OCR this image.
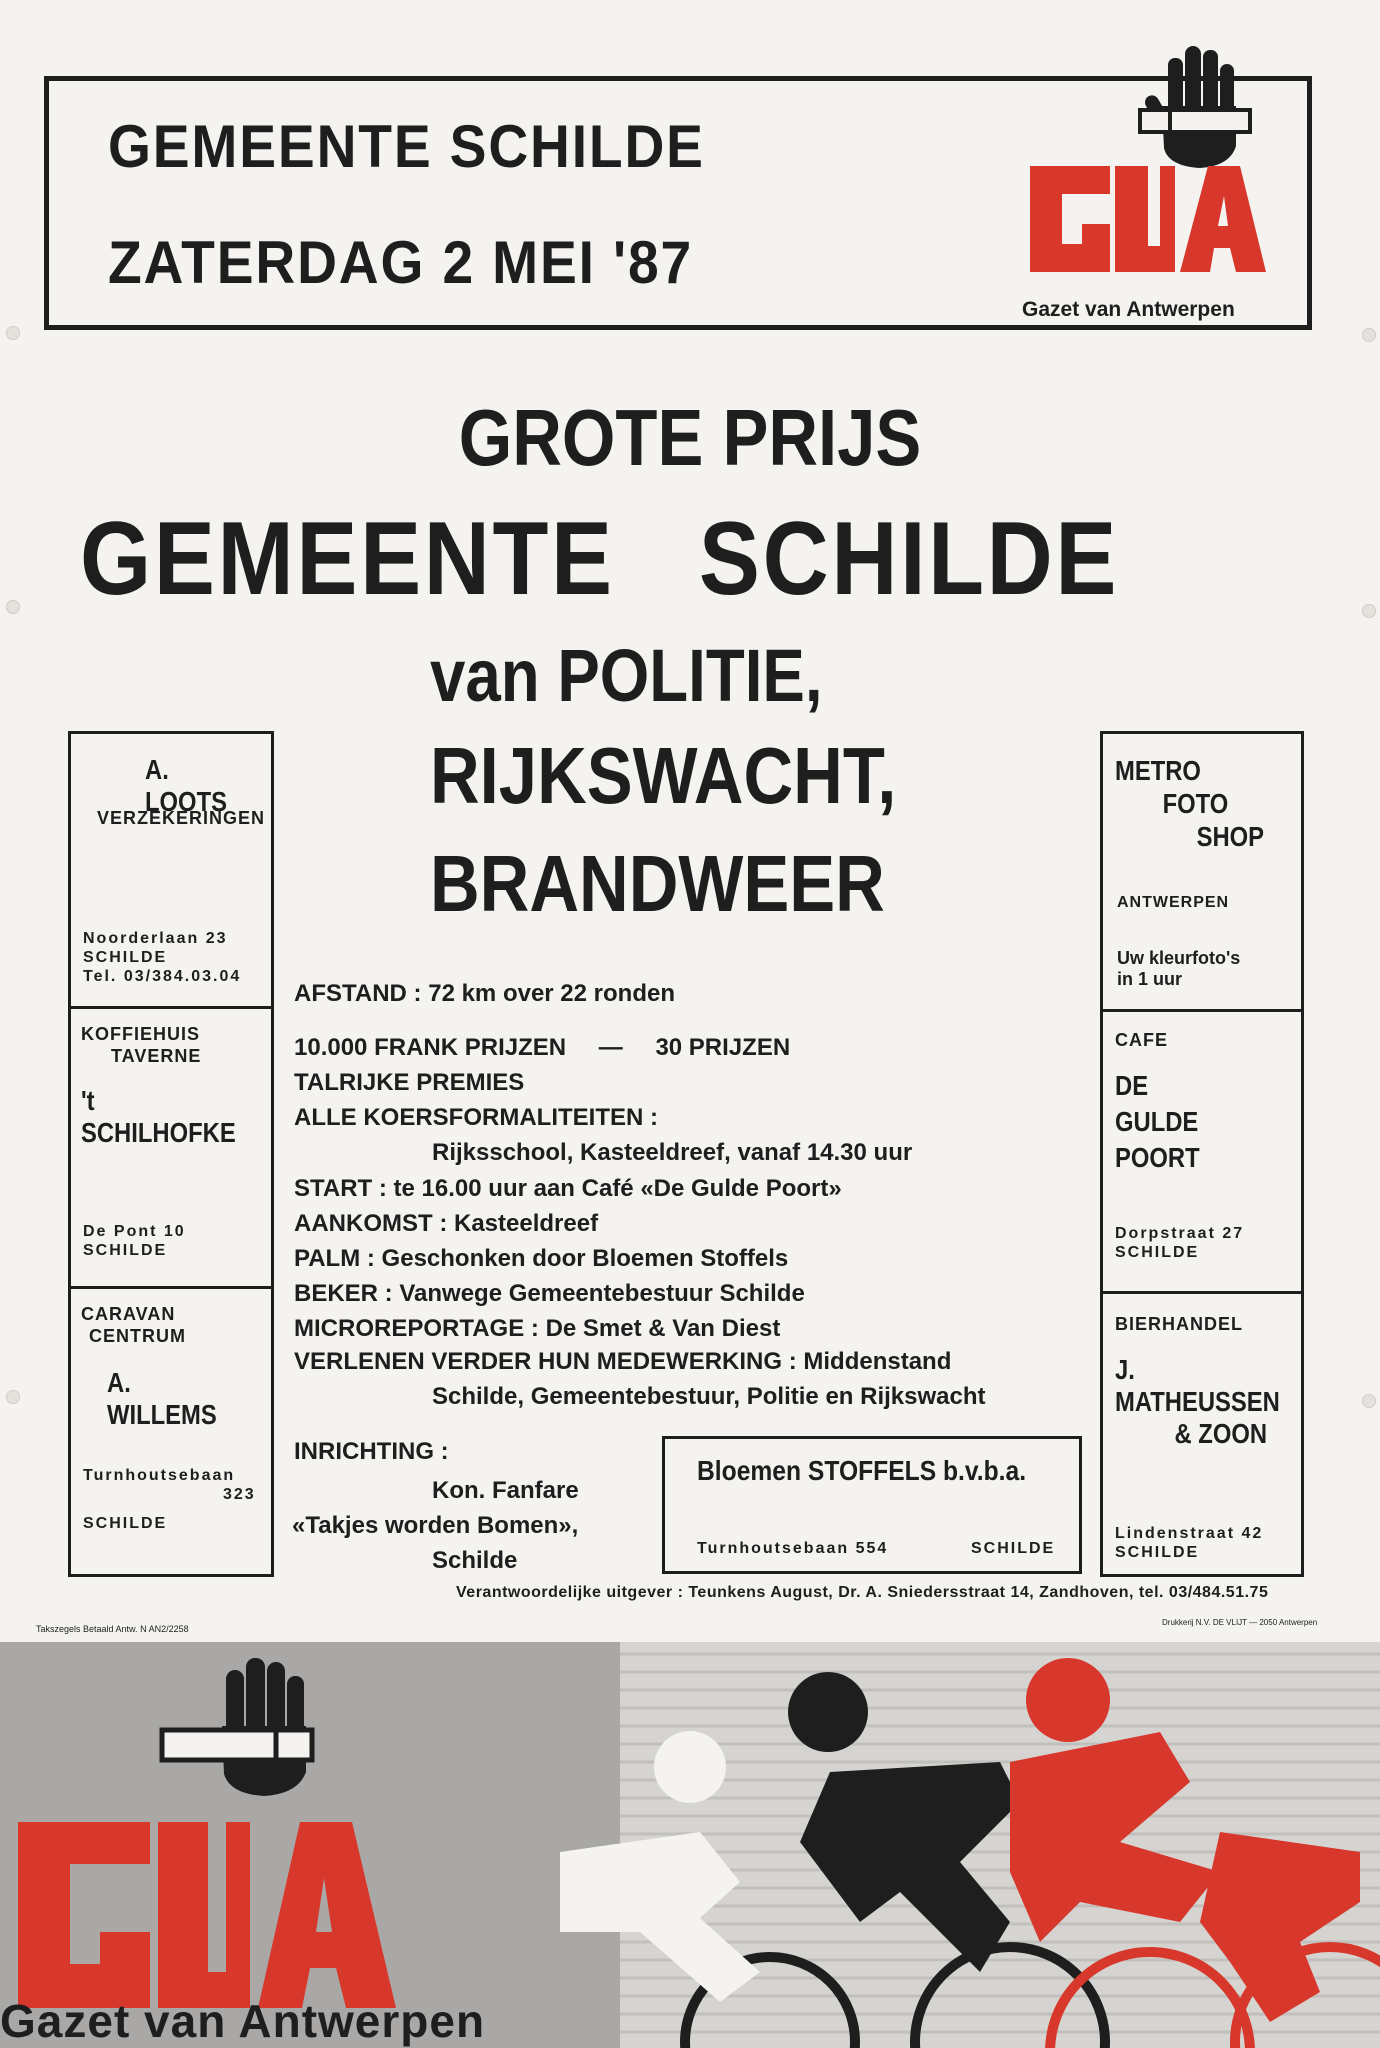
GEMEENTE SCHILDE
ZATERDAG 2 MEI '87
Gazet van Antwerpen
GROTE PRIJS
GEMEENTE   SCHILDE
van POLITIE,
RIJKSWACHT,
BRANDWEER
A. LOOTS
VERZEKERINGEN
Noorderlaan 23
SCHILDE
Tel. 03/384.03.04
KOFFIEHUIS
TAVERNE
't SCHILHOFKE
De Pont 10
SCHILDE
CARAVAN
CENTRUM
A. WILLEMS
Turnhoutsebaan
323
SCHILDE
METRO
FOTO
SHOP
ANTWERPEN
Uw kleurfoto's
in 1 uur
CAFE
DE
GULDE POORT
Dorpstraat 27
SCHILDE
BIERHANDEL
J.
MATHEUSSEN
& ZOON
Lindenstraat 42
SCHILDE
AFSTAND : 72 km over 22 ronden
10.000 FRANK PRIJZEN — 30 PRIJZEN
TALRIJKE PREMIES
ALLE KOERSFORMALITEITEN :
Rijksschool, Kasteeldreef, vanaf 14.30 uur
START : te 16.00 uur aan Café «De Gulde Poort»
AANKOMST : Kasteeldreef
PALM : Geschonken door Bloemen Stoffels
BEKER : Vanwege Gemeentebestuur Schilde
MICROREPORTAGE : De Smet & Van Diest
VERLENEN VERDER HUN MEDEWERKING : Middenstand
Schilde, Gemeentebestuur, Politie en Rijkswacht
INRICHTING :
Kon. Fanfare
«Takjes worden Bomen»,
Schilde
Bloemen STOFFELS b.v.b.a.
Turnhoutsebaan 554	SCHILDE
Verantwoordelijke uitgever : Teunkens August, Dr. A. Sniedersstraat 14, Zandhoven, tel. 03/484.51.75
Takszegels Betaald Antw. N AN2/2258
Drukkerij N.V. DE VLIJT — 2050 Antwerpen
Gazet van Antwerpen
